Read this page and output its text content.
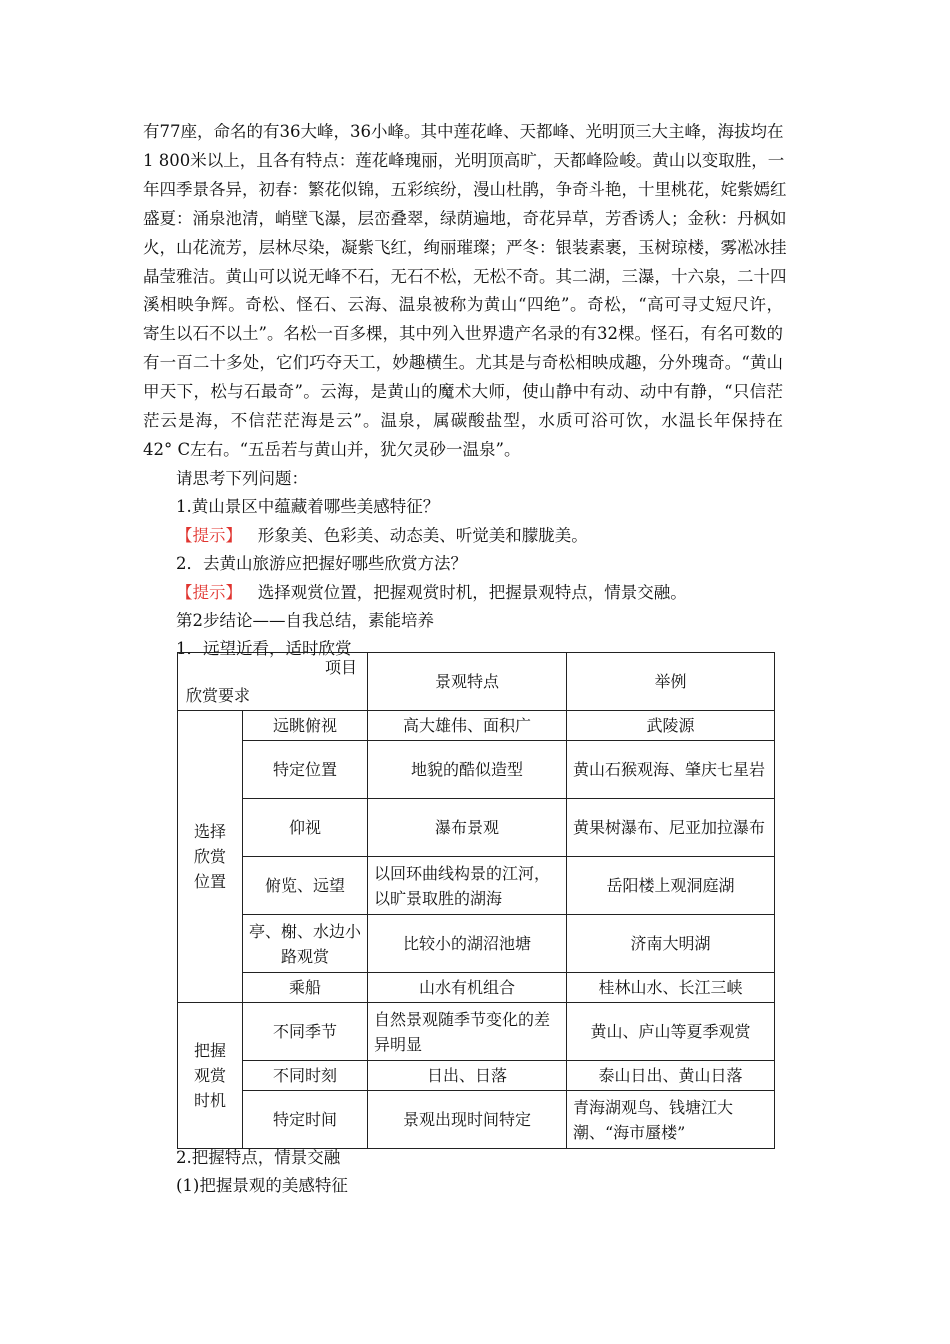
有77座，命名的有36大峰，36小峰。其中莲花峰、天都峰、光明顶三大主峰，海拔均在
1 800米以上，且各有特点：莲花峰瑰丽，光明顶高旷，天都峰险峻。黄山以变取胜，一
年四季景各异，初春：繁花似锦，五彩缤纷，漫山杜鹃，争奇斗艳，十里桃花，姹紫嫣红
盛夏：涌泉池清，峭壁飞瀑，层峦叠翠，绿荫遍地，奇花异草，芳香诱人；金秋：丹枫如
火，山花流芳，层林尽染，凝紫飞红，绚丽璀璨；严冬：银装素裹，玉树琼楼，雾凇冰挂
晶莹雅洁。黄山可以说无峰不石，无石不松，无松不奇。其二湖，三瀑，十六泉，二十四
溪相映争辉。奇松、怪石、云海、温泉被称为黄山“四绝”。奇松，“高可寻丈短尺许，
寄生以石不以土”。名松一百多棵，其中列入世界遗产名录的有32棵。怪石，有名可数的
有一百二十多处，它们巧夺天工，妙趣横生。尤其是与奇松相映成趣，分外瑰奇。“黄山
甲天下，松与石最奇”。云海，是黄山的魔术大师，使山静中有动、动中有静，“只信茫
茫云是海，不信茫茫海是云”。温泉，属碳酸盐型，水质可浴可饮，水温长年保持在
42° C左右。“五岳若与黄山并，犹欠灵砂一温泉”。
请思考下列问题：
1.黄山景区中蕴藏着哪些美感特征？
【提示】 形象美、色彩美、动态美、听觉美和朦胧美。
2．去黄山旅游应把握好哪些欣赏方法？
【提示】 选择观赏位置，把握观赏时机，把握景观特点，情景交融。
第2步结论——自我总结，素能培养
1．远望近看，适时欣赏
项目
欣赏要求		景观特点	举例
选择
欣赏
位置	远眺俯视	高大雄伟、面积广	武陵源
	特定位置	地貌的酷似造型	黄山石猴观海、肇庆七星岩
	仰视	瀑布景观	黄果树瀑布、尼亚加拉瀑布
	俯览、远望	以回环曲线构景的江河，以旷景取胜的湖海	岳阳楼上观洞庭湖
	亭、榭、水边小路观赏	比较小的湖沼池塘	济南大明湖
	乘船	山水有机组合	桂林山水、长江三峡
把握
观赏
时机	不同季节	自然景观随季节变化的差异明显	黄山、庐山等夏季观赏
	不同时刻	日出、日落	泰山日出、黄山日落
	特定时间	景观出现时间特定	青海湖观鸟、钱塘江大潮、“海市蜃楼”
2.把握特点，情景交融
(1)把握景观的美感特征
